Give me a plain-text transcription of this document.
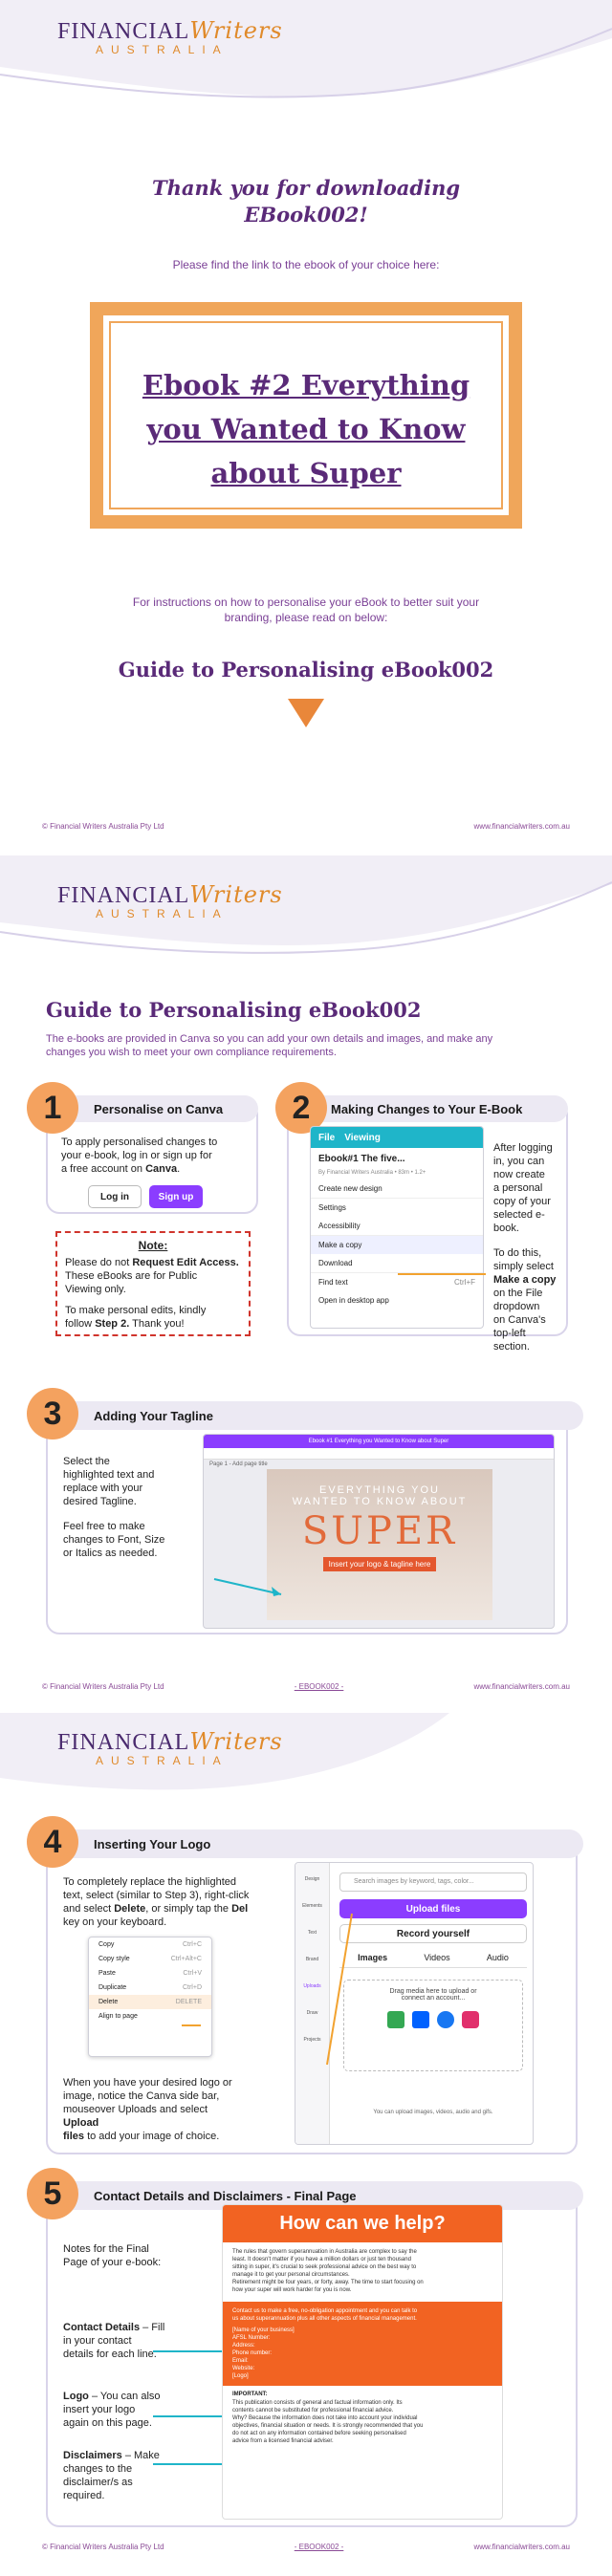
FINANCIALWriters
AUSTRALIA
Thank you for downloading
EBook002!
Please find the link to the ebook of your choice here:
Ebook #2 Everything
you Wanted to Know
about Super
For instructions on how to personalise your eBook to better suit your
branding, please read on below:
Guide to Personalising eBook002
© Financial Writers Australia Pty Ltd	www.financialwriters.com.au
FINANCIALWriters
AUSTRALIA
Guide to Personalising eBook002
The e-books are provided in Canva so you can add your own details and images, and make any
changes you wish to meet your own compliance requirements.
Personalise on Canva
1
To apply personalised changes to
your e-book, log in or sign up for
a free account on Canva.
Log in	Sign up
Note:
Please do not Request Edit Access.
These eBooks are for Public
Viewing only.
To make personal edits, kindly
follow Step 2. Thank you!
Making Changes to Your E-Book
2
File Viewing
Ebook#1 The five...
By Financial Writers Australia • 83m • 1.2+
Create new design
Settings
Accessibility
Make a copy
Download
Find text	Ctrl+F
Open in desktop app
After logging
in, you can
now create
a personal
copy of your
selected e-
book.
To do this,
simply select
Make a copy
on the File
dropdown
on Canva's
top-left
section.
Adding Your Tagline
3
Select the
highlighted text and
replace with your
desired Tagline.
Feel free to make
changes to Font, Size
or Italics as needed.
Ebook #1 Everything you Wanted to Know about Super
Page 1 - Add page title
EVERYTHING YOU
WANTED TO KNOW ABOUT
SUPER
Insert your logo & tagline here
© Financial Writers Australia Pty Ltd	- EBOOK002 -	www.financialwriters.com.au
FINANCIALWriters
AUSTRALIA
Inserting Your Logo
4
To completely replace the highlighted
text, select (similar to Step 3), right-click
and select Delete, or simply tap the Del
key on your keyboard.
Copy	Ctrl+C
Copy style	Ctrl+Alt+C
Paste	Ctrl+V
Duplicate	Ctrl+D
Delete	DELETE
Align to page
When you have your desired logo or
image, notice the Canva side bar,
mouseover Uploads and select
Upload
files to add your image of choice.
Design
Elements
Text
Brand
Uploads
Draw
Projects
Search images by keyword, tags, color...
Upload files
Record yourself
Images	Videos	Audio
Drag media here to upload or
connect an account...
You can upload images, videos, audio and gifs.
Contact Details and Disclaimers - Final Page
5
Notes for the Final
Page of your e-book:
Contact Details – Fill
in your contact
details for each line.
Logo – You can also
insert your logo
again on this page.
Disclaimers – Make
changes to the
disclaimer/s as
required.
How can we help?
The rules that govern superannuation in Australia are complex to say the
least. It doesn't matter if you have a million dollars or just ten thousand
sitting in super, it's crucial to seek professional advice on the best way to
manage it to get your personal circumstances.
Retirement might be four years, or forty, away. The time to start focusing on
how your super will work harder for you is now.
Contact us to make a free, no-obligation appointment and you can talk to
us about superannuation plus all other aspects of financial management.
[Name of your business]
AFSL Number:
Address:
Phone number:
Email:
Website:
[Logo]
IMPORTANT:
This publication consists of general and factual information only. Its
contents cannot be substituted for professional financial advice.
Why? Because the information does not take into account your individual
objectives, financial situation or needs. It is strongly recommended that you
do not act on any information contained before seeking personalised
advice from a licensed financial adviser.
© Financial Writers Australia Pty Ltd	- EBOOK002 -	www.financialwriters.com.au
